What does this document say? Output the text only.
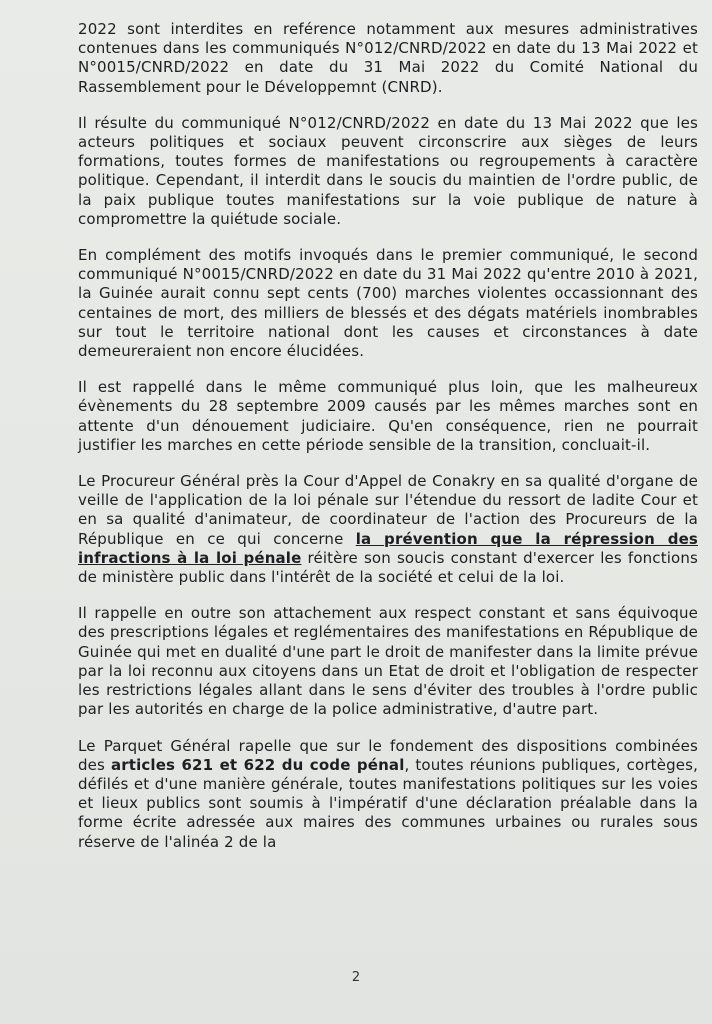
2022 sont interdites en reférence notamment aux mesures administratives contenues dans les communiqués N°012/CNRD/2022 en date du 13 Mai 2022 et N°0015/CNRD/2022 en date du 31 Mai 2022 du Comité National du Rassemblement pour le Développemnt (CNRD).

Il résulte du communiqué N°012/CNRD/2022 en date du 13 Mai 2022 que les acteurs politiques et sociaux peuvent circonscrire aux sièges de leurs formations, toutes formes de manifestations ou regroupements à caractère politique. Cependant, il interdit dans le soucis du maintien de l'ordre public, de la paix publique toutes manifestations sur la voie publique de nature à compromettre la quiétude sociale.

En complément des motifs invoqués dans le premier communiqué, le second communiqué N°0015/CNRD/2022 en date du 31 Mai 2022 qu'entre 2010 à 2021, la Guinée aurait connu sept cents (700) marches violentes occassionnant des centaines de mort, des milliers de blessés et des dégats matériels inombrables sur tout le territoire national dont les causes et circonstances à date demeureraient non encore élucidées.

Il est rappellé dans le même communiqué plus loin, que les malheureux évènements du 28 septembre 2009 causés par les mêmes marches sont en attente d'un dénouement judiciaire. Qu'en conséquence, rien ne pourrait justifier les marches en cette période sensible de la transition, concluait-il.

Le Procureur Général près la Cour d'Appel de Conakry en sa qualité d'organe de veille de l'application de la loi pénale sur l'étendue du ressort de ladite Cour et en sa qualité d'animateur, de coordinateur de l'action des Procureurs de la République en ce qui concerne la prévention que la répression des infractions à la loi pénale réitère son soucis constant d'exercer les fonctions de ministère public dans l'intérêt de la société et celui de la loi.

Il rappelle en outre son attachement aux respect constant et sans équivoque des prescriptions légales et reglémentaires des manifestations en République de Guinée qui met en dualité d'une part le droit de manifester dans la limite prévue par la loi reconnu aux citoyens dans un Etat de droit et l'obligation de respecter les restrictions légales allant dans le sens d'éviter des troubles à l'ordre public par les autorités en charge de la police administrative, d'autre part.

Le Parquet Général rapelle que sur le fondement des dispositions combinées des articles 621 et 622 du code pénal, toutes réunions publiques, cortèges, défilés et d'une manière générale, toutes manifestations politiques sur les voies et lieux publics sont soumis à l'impératif d'une déclaration préalable dans la forme écrite adressée aux maires des communes urbaines ou rurales sous réserve de l'alinéa 2 de la

2
